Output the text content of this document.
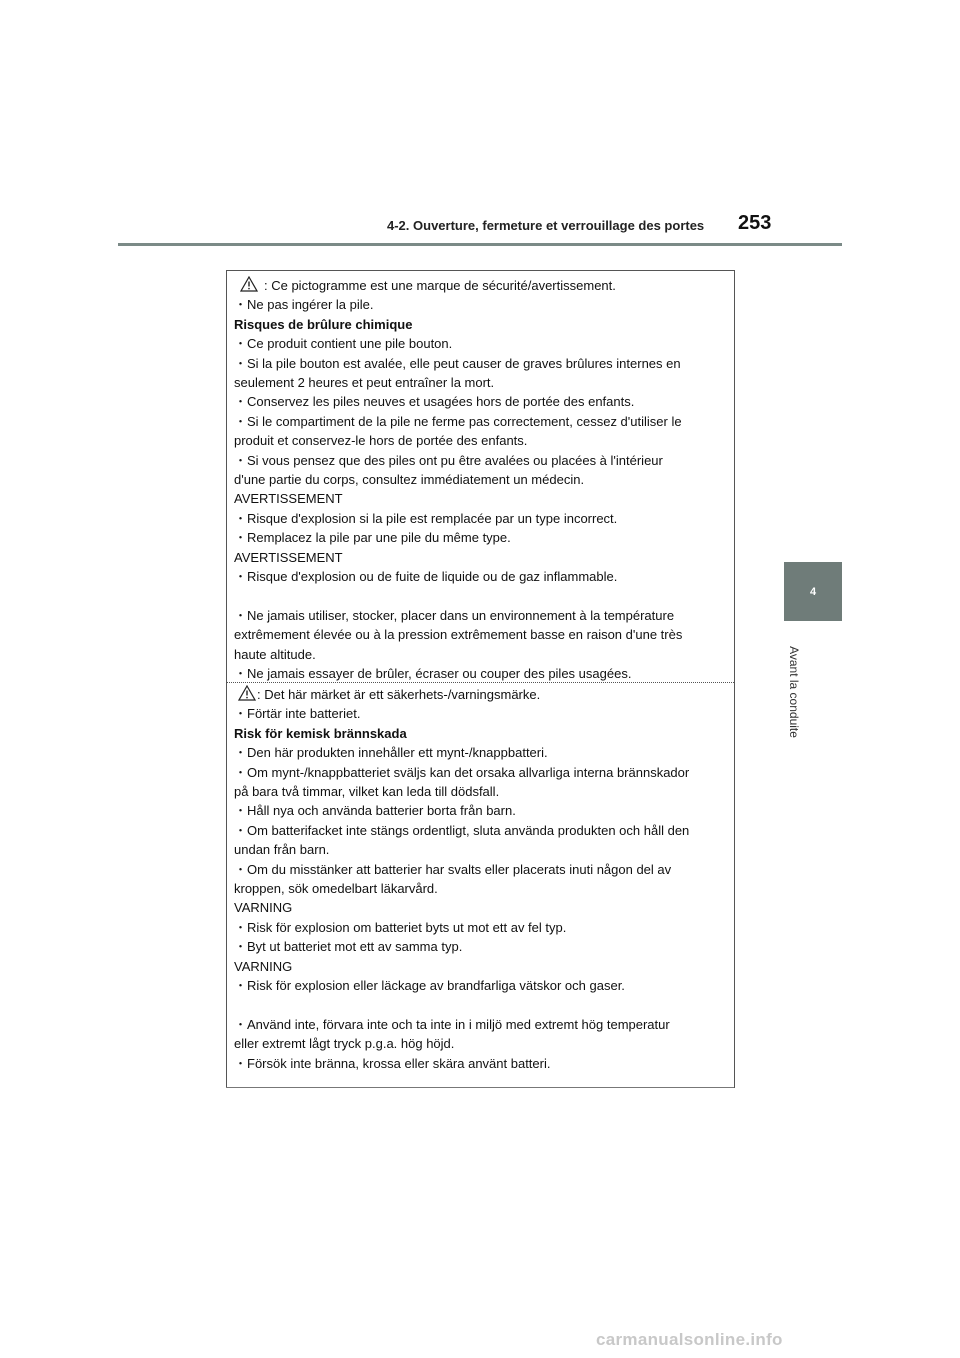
4-2. Ouverture, fermeture et verrouillage des portes 253
4
Avant la conduite

: Ce pictogramme est une marque de sécurité/avertissement.

・Ne pas ingérer la pile.

Risques de brûlure chimique

・Ce produit contient une pile bouton.

・Si la pile bouton est avalée, elle peut causer de graves brûlures internes en

seulement 2 heures et peut entraîner la mort.

・Conservez les piles neuves et usagées hors de portée des enfants.

・Si le compartiment de la pile ne ferme pas correctement, cessez d'utiliser le

produit et conservez-le hors de portée des enfants.

・Si vous pensez que des piles ont pu être avalées ou placées à l'intérieur

d'une partie du corps, consultez immédiatement un médecin.

AVERTISSEMENT

・Risque d'explosion si la pile est remplacée par un type incorrect.

・Remplacez la pile par une pile du même type.

AVERTISSEMENT

・Risque d'explosion ou de fuite de liquide ou de gaz inflammable.

・Ne jamais utiliser, stocker, placer dans un environnement à la température

extrêmement élevée ou à la pression extrêmement basse en raison d'une très

haute altitude.

・Ne jamais essayer de brûler, écraser ou couper des piles usagées.

: Det här märket är ett säkerhets-/varningsmärke.

・Förtär inte batteriet.

Risk för kemisk brännskada

・Den här produkten innehåller ett mynt-/knappbatteri.

・Om mynt-/knappbatteriet sväljs kan det orsaka allvarliga interna brännskador

på bara två timmar, vilket kan leda till dödsfall.

・Håll nya och använda batterier borta från barn.

・Om batterifacket inte stängs ordentligt, sluta använda produkten och håll den

undan från barn.

・Om du misstänker att batterier har svalts eller placerats inuti någon del av

kroppen, sök omedelbart läkarvård.

VARNING

・Risk för explosion om batteriet byts ut mot ett av fel typ.

・Byt ut batteriet mot ett av samma typ.

VARNING

・Risk för explosion eller läckage av brandfarliga vätskor och gaser.

・Använd inte, förvara inte och ta inte in i miljö med extremt hög temperatur

eller extremt lågt tryck p.g.a. hög höjd.

・Försök inte bränna, krossa eller skära använt batteri.

carmanualsonline.info
